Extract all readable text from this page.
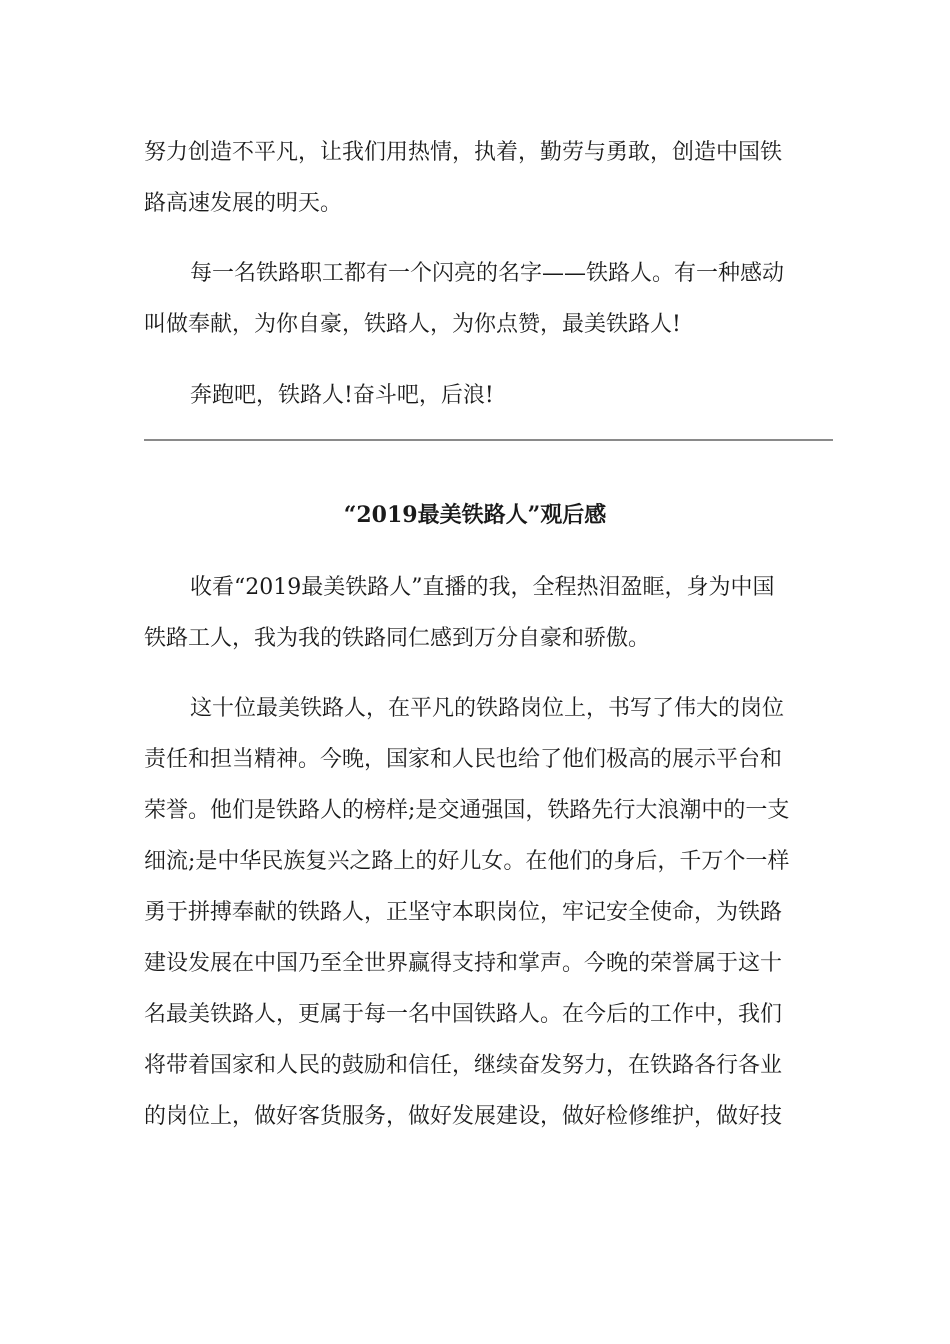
努力创造不平凡，让我们用热情，执着，勤劳与勇敢，创造中国铁
路高速发展的明天。
每一名铁路职工都有一个闪亮的名字——铁路人。有一种感动
叫做奉献，为你自豪，铁路人，为你点赞，最美铁路人!
奔跑吧，铁路人!奋斗吧，后浪!
“2019最美铁路人”观后感
收看“2019最美铁路人”直播的我，全程热泪盈眶，身为中国
铁路工人，我为我的铁路同仁感到万分自豪和骄傲。
这十位最美铁路人，在平凡的铁路岗位上，书写了伟大的岗位
责任和担当精神。今晚，国家和人民也给了他们极高的展示平台和
荣誉。他们是铁路人的榜样;是交通强国，铁路先行大浪潮中的一支
细流;是中华民族复兴之路上的好儿女。在他们的身后，千万个一样
勇于拼搏奉献的铁路人，正坚守本职岗位，牢记安全使命，为铁路
建设发展在中国乃至全世界赢得支持和掌声。今晚的荣誉属于这十
名最美铁路人，更属于每一名中国铁路人。在今后的工作中，我们
将带着国家和人民的鼓励和信任，继续奋发努力，在铁路各行各业
的岗位上，做好客货服务，做好发展建设，做好检修维护，做好技
